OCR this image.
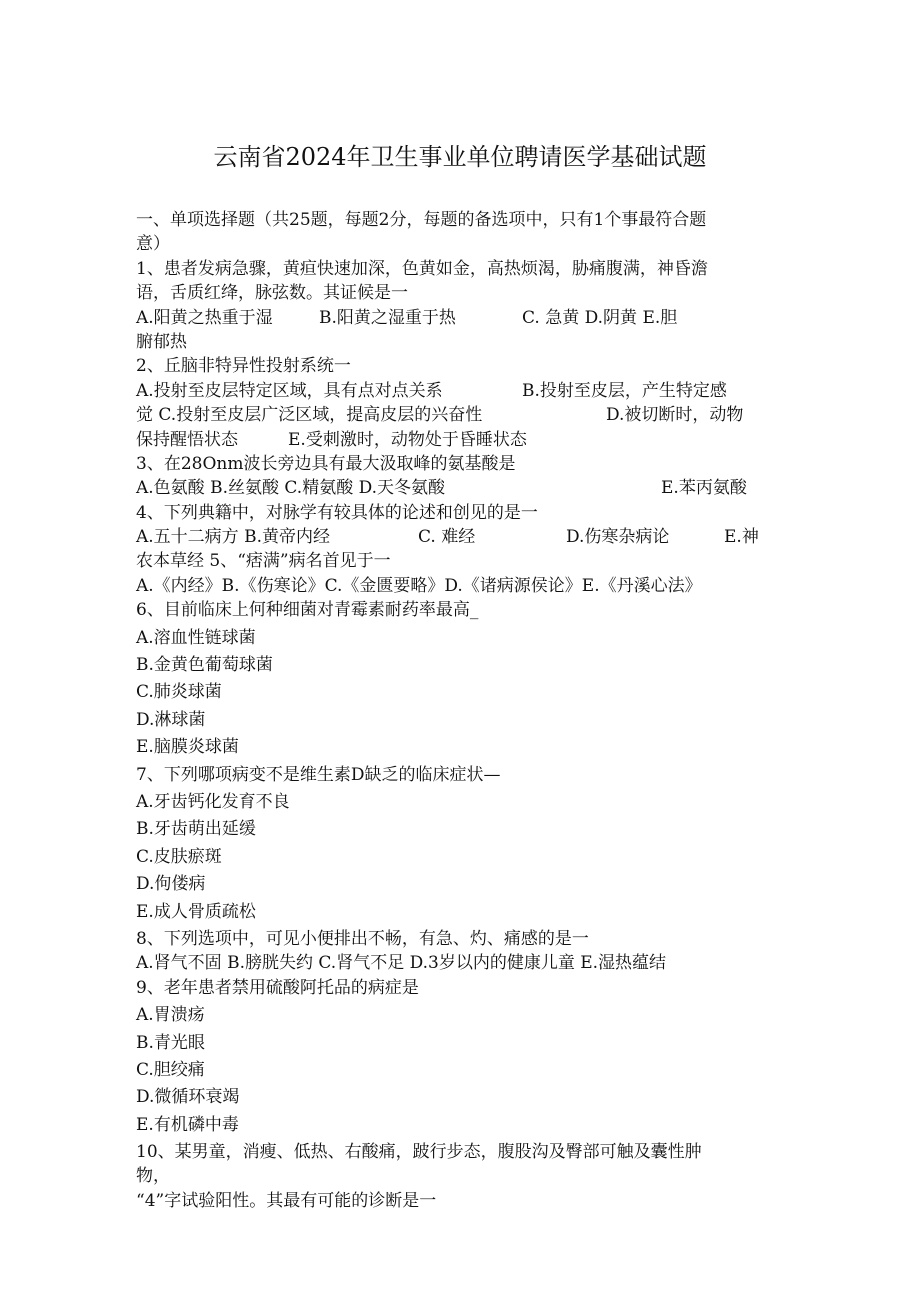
云南省2024年卫生事业单位聘请医学基础试题
一、单项选择题（共25题，每题2分，每题的备选项中，只有1个事最符合题
意）
1、患者发病急骤，黄疸快速加深，色黄如金，高热烦渴，胁痛腹满，神昏澹
语，舌质红绛，脉弦数。其证候是一
A.阳黄之热重于湿	B.阳黄之湿重于热	C. 急黄 D.阴黄 E.胆
腑郁热
2、丘脑非特异性投射系统一
A.投射至皮层特定区域，具有点对点关系	B.投射至皮层，产生特定感
觉 C.投射至皮层广泛区域，提高皮层的兴奋性	D.被切断时，动物
保持醒悟状态	E.受刺激时，动物处于昏睡状态
3、在28Onm波长旁边具有最大汲取峰的氨基酸是
A.色氨酸 B.丝氨酸 C.精氨酸 D.天冬氨酸	E.苯丙氨酸
4、下列典籍中，对脉学有较具体的论述和创见的是一
A.五十二病方 B.黄帝内经	C. 难经	D.伤寒杂病论	E.神
农本草经 5、“痞满”病名首见于一
A.《内经》B.《伤寒论》C.《金匮要略》D.《诸病源侯论》E.《丹溪心法》
6、目前临床上何种细菌对青霉素耐药率最高_
A.溶血性链球菌
B.金黄色葡萄球菌
C.肺炎球菌
D.淋球菌
E.脑膜炎球菌
7、下列哪项病变不是维生素D缺乏的临床症状—
A.牙齿钙化发育不良
B.牙齿萌出延缓
C.皮肤瘀斑
D.佝偻病
E.成人骨质疏松
8、下列选项中，可见小便排出不畅，有急、灼、痛感的是一
A.肾气不固 B.膀胱失约 C.肾气不足 D.3岁以内的健康儿童 E.湿热蕴结
9、老年患者禁用硫酸阿托品的病症是
A.胃溃疡
B.青光眼
C.胆绞痛
D.微循环衰竭
E.有机磷中毒
10、某男童，消瘦、低热、右酸痛，跛行步态，腹股沟及臀部可触及囊性肿
物，
“4”字试验阳性。其最有可能的诊断是一
